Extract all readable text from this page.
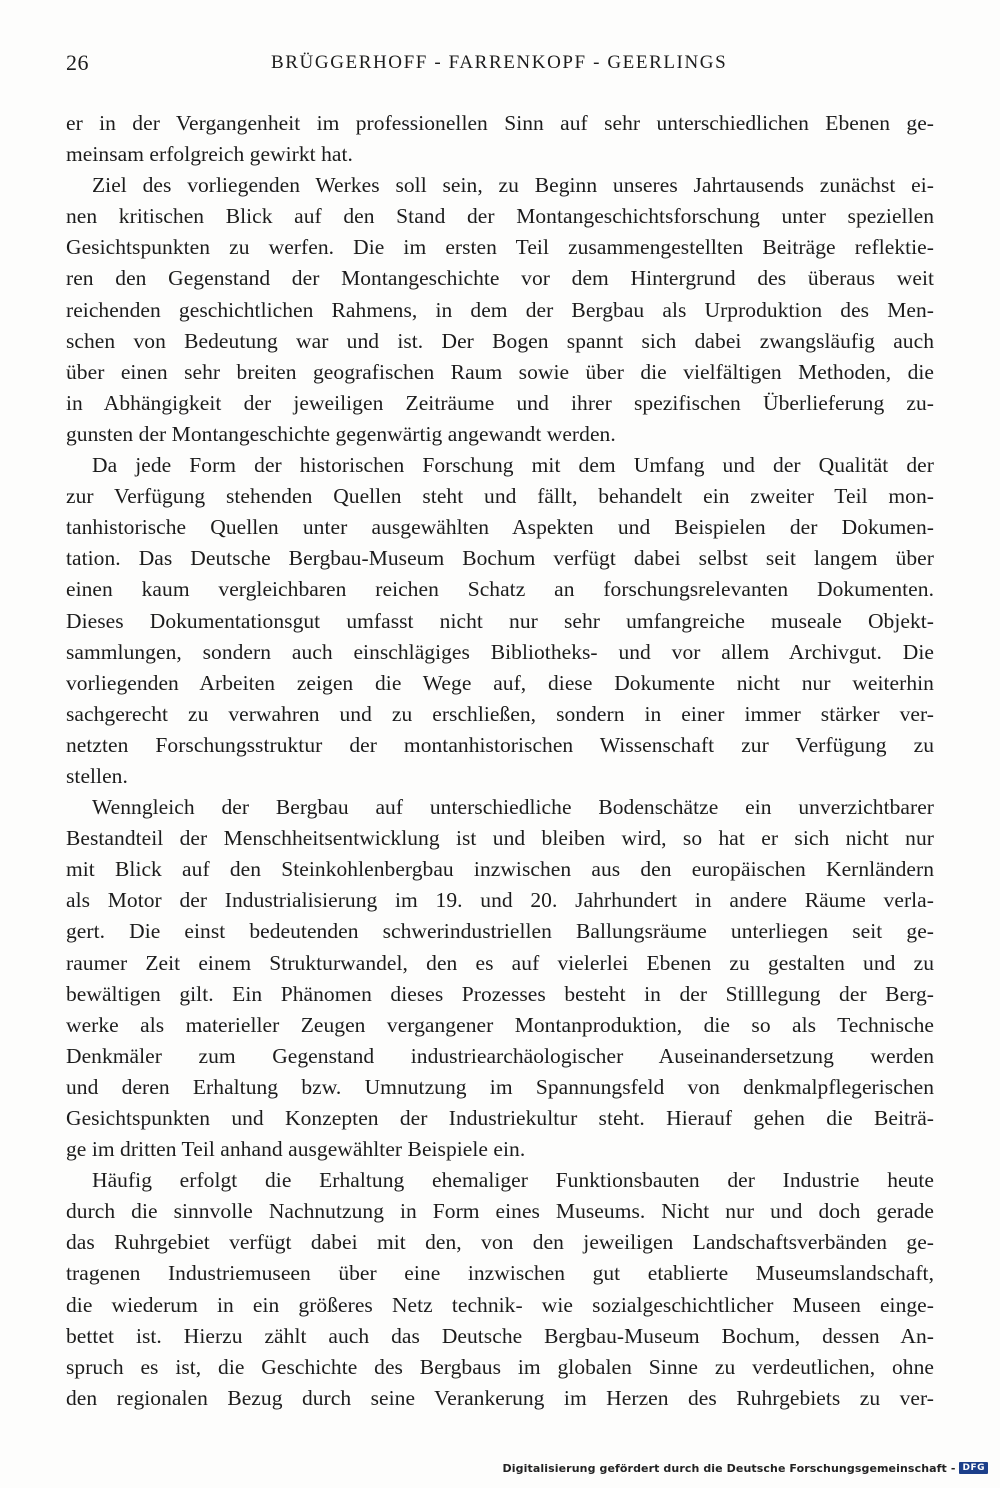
26	BRÜGGERHOFF - FARRENKOPF - GEERLINGS
er in der Vergangenheit im professionellen Sinn auf sehr unterschiedlichen Ebenen ge-
meinsam erfolgreich gewirkt hat.
Ziel des vorliegenden Werkes soll sein, zu Beginn unseres Jahrtausends zunächst ei-
nen kritischen Blick auf den Stand der Montangeschichtsforschung unter speziellen
Gesichtspunkten zu werfen. Die im ersten Teil zusammengestellten Beiträge reflektie-
ren den Gegenstand der Montangeschichte vor dem Hintergrund des überaus weit
reichenden geschichtlichen Rahmens, in dem der Bergbau als Urproduktion des Men-
schen von Bedeutung war und ist. Der Bogen spannt sich dabei zwangsläufig auch
über einen sehr breiten geografischen Raum sowie über die vielfältigen Methoden, die
in Abhängigkeit der jeweiligen Zeiträume und ihrer spezifischen Überlieferung zu-
gunsten der Montangeschichte gegenwärtig angewandt werden.
Da jede Form der historischen Forschung mit dem Umfang und der Qualität der
zur Verfügung stehenden Quellen steht und fällt, behandelt ein zweiter Teil mon-
tanhistorische Quellen unter ausgewählten Aspekten und Beispielen der Dokumen-
tation. Das Deutsche Bergbau-Museum Bochum verfügt dabei selbst seit langem über
einen kaum vergleichbaren reichen Schatz an forschungsrelevanten Dokumenten.
Dieses Dokumentationsgut umfasst nicht nur sehr umfangreiche museale Objekt-
sammlungen, sondern auch einschlägiges Bibliotheks- und vor allem Archivgut. Die
vorliegenden Arbeiten zeigen die Wege auf, diese Dokumente nicht nur weiterhin
sachgerecht zu verwahren und zu erschließen, sondern in einer immer stärker ver-
netzten Forschungsstruktur der montanhistorischen Wissenschaft zur Verfügung zu
stellen.
Wenngleich der Bergbau auf unterschiedliche Bodenschätze ein unverzichtbarer
Bestandteil der Menschheitsentwicklung ist und bleiben wird, so hat er sich nicht nur
mit Blick auf den Steinkohlenbergbau inzwischen aus den europäischen Kernländern
als Motor der Industrialisierung im 19. und 20. Jahrhundert in andere Räume verla-
gert. Die einst bedeutenden schwerindustriellen Ballungsräume unterliegen seit ge-
raumer Zeit einem Strukturwandel, den es auf vielerlei Ebenen zu gestalten und zu
bewältigen gilt. Ein Phänomen dieses Prozesses besteht in der Stilllegung der Berg-
werke als materieller Zeugen vergangener Montanproduktion, die so als Technische
Denkmäler zum Gegenstand industriearchäologischer Auseinandersetzung werden
und deren Erhaltung bzw. Umnutzung im Spannungsfeld von denkmalpflegerischen
Gesichtspunkten und Konzepten der Industriekultur steht. Hierauf gehen die Beiträ-
ge im dritten Teil anhand ausgewählter Beispiele ein.
Häufig erfolgt die Erhaltung ehemaliger Funktionsbauten der Industrie heute
durch die sinnvolle Nachnutzung in Form eines Museums. Nicht nur und doch gerade
das Ruhrgebiet verfügt dabei mit den, von den jeweiligen Landschaftsverbänden ge-
tragenen Industriemuseen über eine inzwischen gut etablierte Museumslandschaft,
die wiederum in ein größeres Netz technik- wie sozialgeschichtlicher Museen einge-
bettet ist. Hierzu zählt auch das Deutsche Bergbau-Museum Bochum, dessen An-
spruch es ist, die Geschichte des Bergbaus im globalen Sinne zu verdeutlichen, ohne
den regionalen Bezug durch seine Verankerung im Herzen des Ruhrgebiets zu ver-
Digitalisierung gefördert durch die Deutsche Forschungsgemeinschaft - DFG
